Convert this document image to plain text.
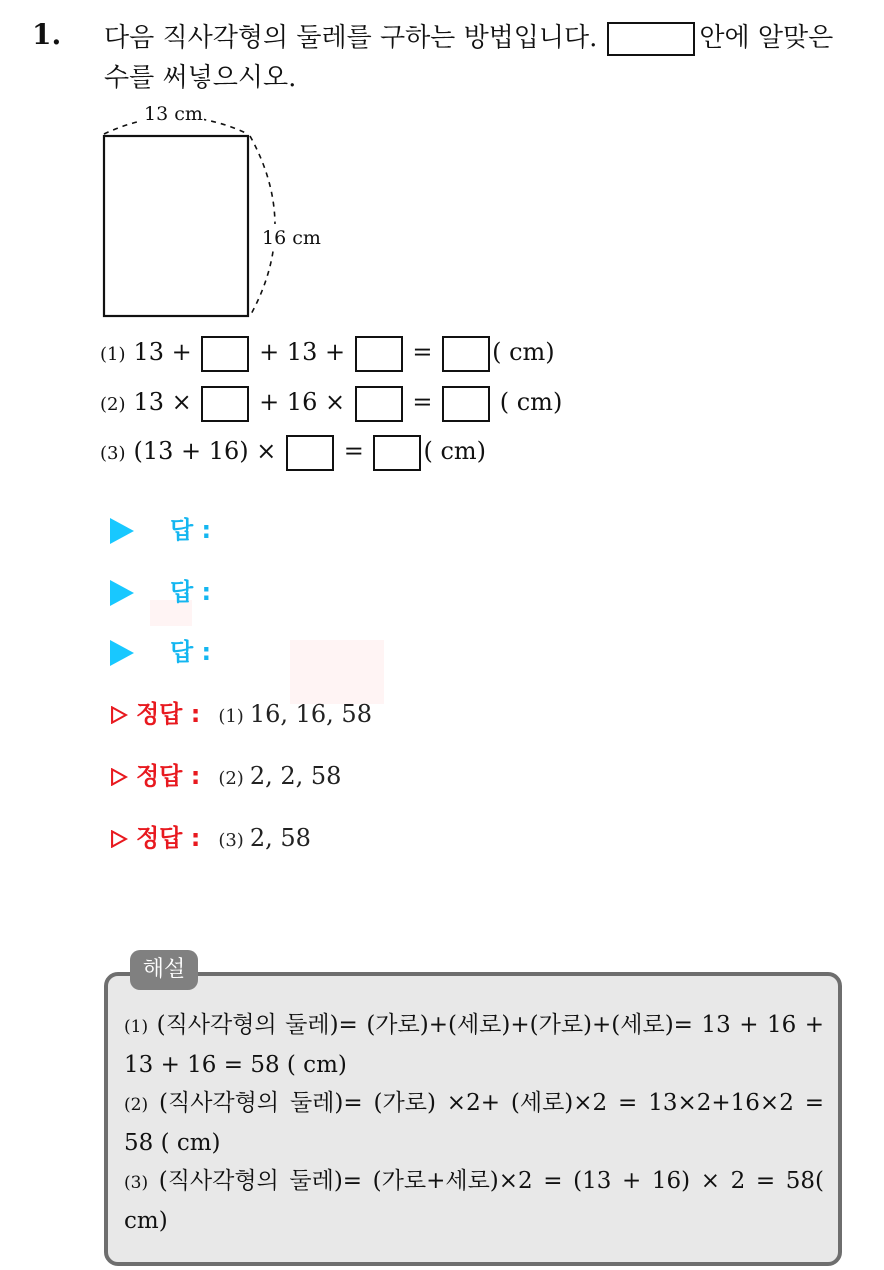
1. 다음 직사각형의 둘레를 구하는 방법입니다.	안에 알맞은 수를 써넣으시오.
13 cm
16 cm
(1) 13 +	+ 13 +	= ( cm)
(2) 13 ×	+ 16 ×	=	( cm)
(3) (13 + 16) ×	= ( cm)
답 :
답 :
답 :
정답 : (1) 16, 16, 58
정답 : (2) 2, 2, 58
정답 : (3) 2, 58
해설
(1) (직사각형의 둘레)= (가로)+(세로)+(가로)+(세로)= 13 + 16 + 13 + 16 = 58 ( cm)
(2) (직사각형의 둘레)= (가로) ×2+ (세로)×2 = 13×2+16×2 = 58 ( cm)
(3) (직사각형의 둘레)= (가로+세로)×2 = (13 + 16) × 2 = 58( cm)
